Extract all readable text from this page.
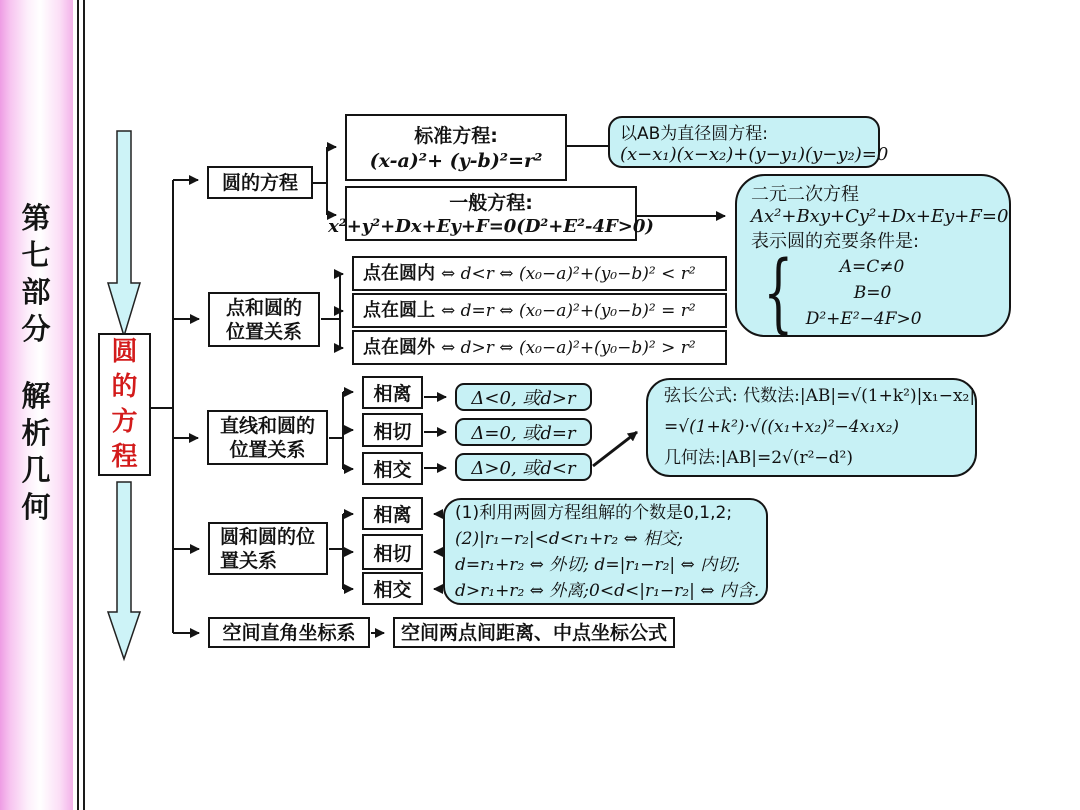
第七部分
解析几何
圆的方程
圆的方程
标准方程:
(x-a)²+ (y-b)²=r²
一般方程:
x²+y²+Dx+Ey+F=0(D²+E²-4F>0)
以AB为直径圆方程:
(x−x₁)(x−x₂)+(y−y₁)(y−y₂)=0
二元二次方程
Ax²+Bxy+Cy²+Dx+Ey+F=0
表示圆的充要条件是:
{	A=C≠0
B=0
D²+E²−4F>0
点和圆的
位置关系
点在圆内 ⇔ d<r ⇔ (x₀−a)²+(y₀−b)² < r²
点在圆上 ⇔ d=r ⇔ (x₀−a)²+(y₀−b)² = r²
点在圆外 ⇔ d>r ⇔ (x₀−a)²+(y₀−b)² > r²
直线和圆的
位置关系
相离
相切
相交
Δ<0, 或d>r
Δ=0, 或d=r
Δ>0, 或d<r
弦长公式: 代数法:|AB|=√(1+k²)|x₁−x₂|
=√(1+k²)·√((x₁+x₂)²−4x₁x₂)
几何法:|AB|=2√(r²−d²)
圆和圆的位
置关系
相离
相切
相交
(1)利用两圆方程组解的个数是0,1,2;
(2)|r₁−r₂|<d<r₁+r₂ ⇔ 相交;
d=r₁+r₂ ⇔ 外切; d=|r₁−r₂| ⇔ 内切;
d>r₁+r₂ ⇔ 外离;0<d<|r₁−r₂| ⇔ 内含.
空间直角坐标系 空间两点间距离、中点坐标公式
